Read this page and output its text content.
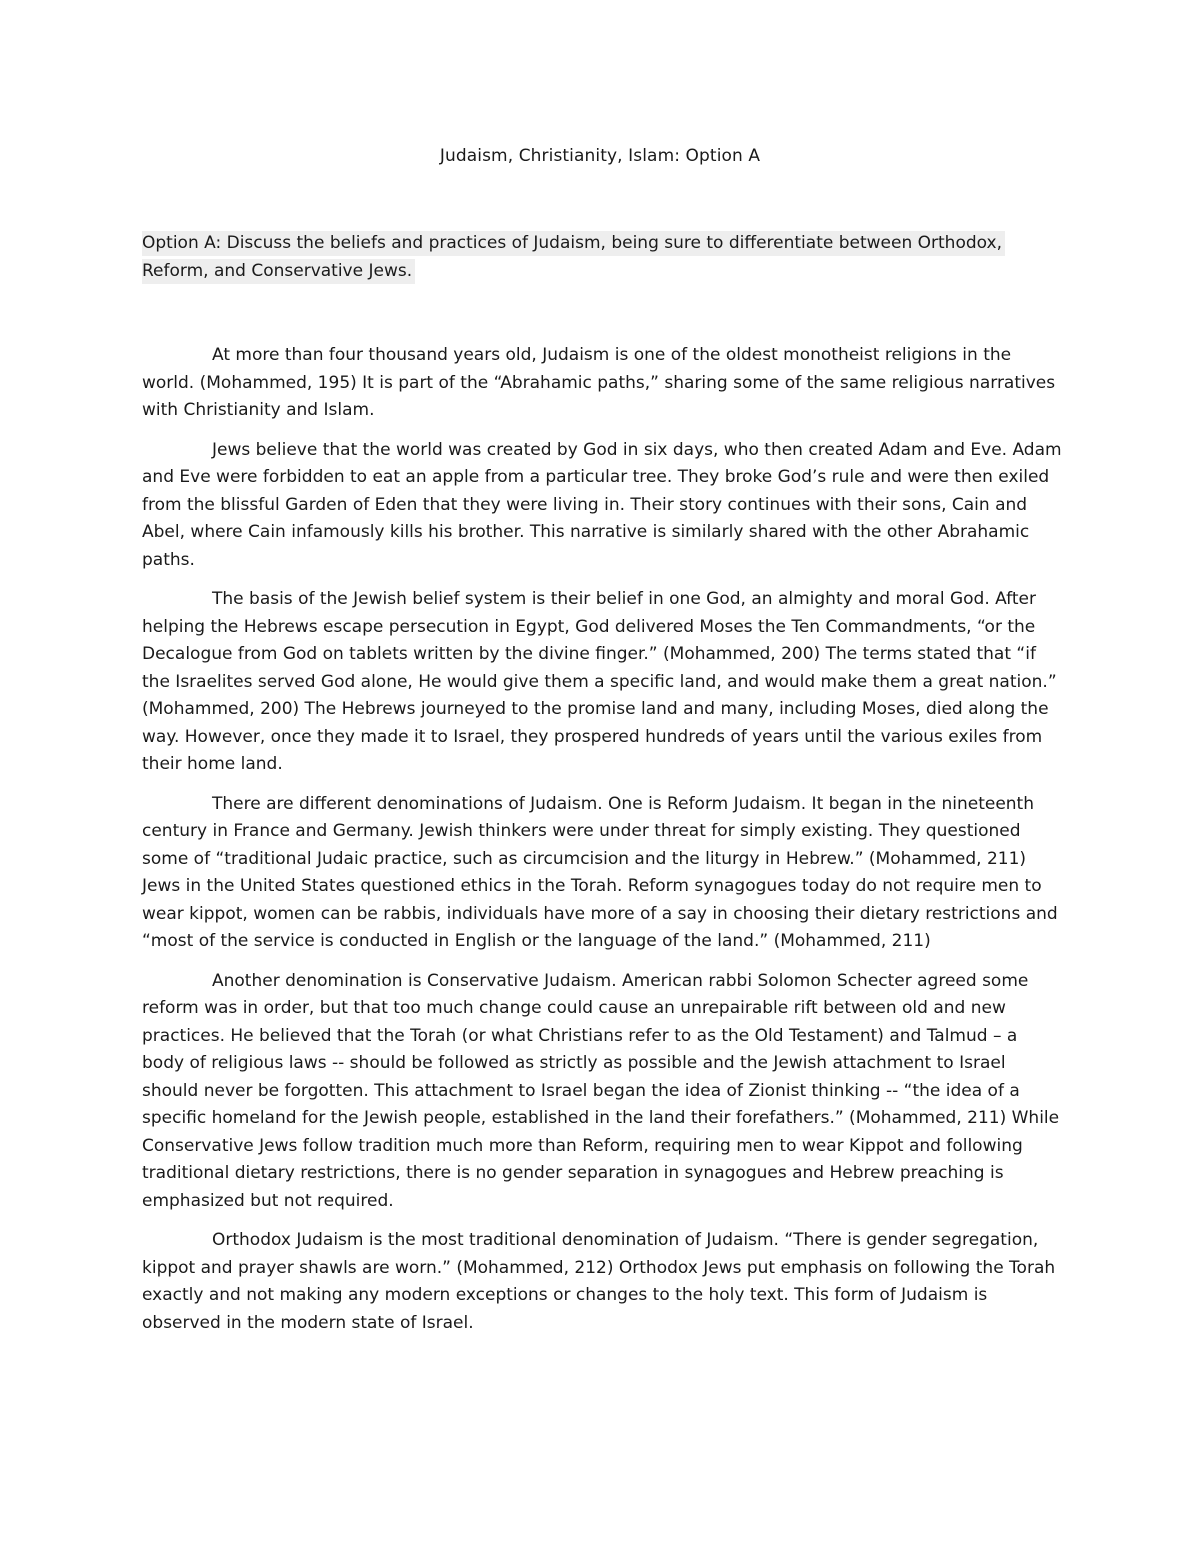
Judaism, Christianity, Islam: Option A
Option A: Discuss the beliefs and practices of Judaism, being sure to differentiate between Orthodox, Reform, and Conservative Jews.

At more than four thousand years old, Judaism is one of the oldest monotheist religions in the world. (Mohammed, 195) It is part of the “Abrahamic paths,” sharing some of the same religious narratives with Christianity and Islam.

Jews believe that the world was created by God in six days, who then created Adam and Eve. Adam and Eve were forbidden to eat an apple from a particular tree. They broke God’s rule and were then exiled from the blissful Garden of Eden that they were living in. Their story continues with their sons, Cain and Abel, where Cain infamously kills his brother. This narrative is similarly shared with the other Abrahamic paths.

The basis of the Jewish belief system is their belief in one God, an almighty and moral God. After helping the Hebrews escape persecution in Egypt, God delivered Moses the Ten Commandments, “or the Decalogue from God on tablets written by the divine finger.” (Mohammed, 200) The terms stated that “if the Israelites served God alone, He would give them a specific land, and would make them a great nation.” (Mohammed, 200) The Hebrews journeyed to the promise land and many, including Moses, died along the way. However, once they made it to Israel, they prospered hundreds of years until the various exiles from their home land.

There are different denominations of Judaism. One is Reform Judaism. It began in the nineteenth century in France and Germany. Jewish thinkers were under threat for simply existing. They questioned some of “traditional Judaic practice, such as circumcision and the liturgy in Hebrew.” (Mohammed, 211) Jews in the United States questioned ethics in the Torah. Reform synagogues today do not require men to wear kippot, women can be rabbis, individuals have more of a say in choosing their dietary restrictions and “most of the service is conducted in English or the language of the land.” (Mohammed, 211)

Another denomination is Conservative Judaism. American rabbi Solomon Schecter agreed some reform was in order, but that too much change could cause an unrepairable rift between old and new practices. He believed that the Torah (or what Christians refer to as the Old Testament) and Talmud – a body of religious laws -- should be followed as strictly as possible and the Jewish attachment to Israel should never be forgotten. This attachment to Israel began the idea of Zionist thinking -- “the idea of a specific homeland for the Jewish people, established in the land their forefathers.” (Mohammed, 211) While Conservative Jews follow tradition much more than Reform, requiring men to wear Kippot and following traditional dietary restrictions, there is no gender separation in synagogues and Hebrew preaching is emphasized but not required.

Orthodox Judaism is the most traditional denomination of Judaism. “There is gender segregation, kippot and prayer shawls are worn.” (Mohammed, 212) Orthodox Jews put emphasis on following the Torah exactly and not making any modern exceptions or changes to the holy text. This form of Judaism is observed in the modern state of Israel.
